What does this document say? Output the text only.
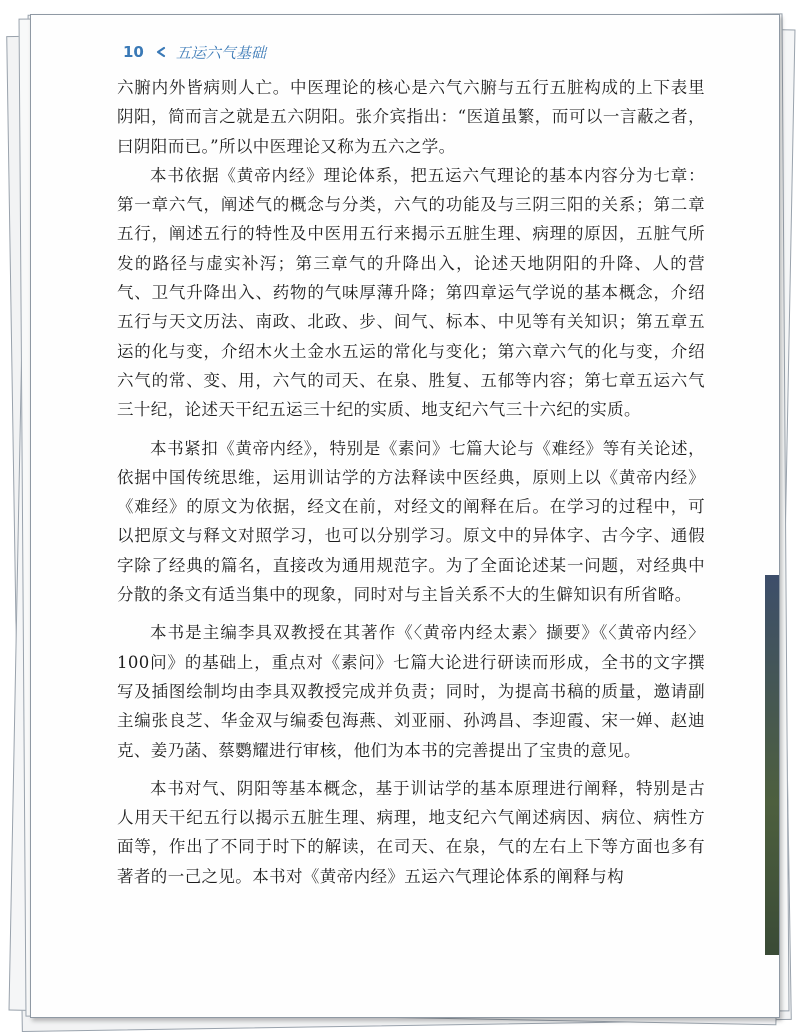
10 五运六气基础

六腑内外皆病则人亡。中医理论的核心是六气六腑与五行五脏构成的上下表里阴阳，简而言之就是五六阴阳。张介宾指出：“医道虽繁，而可以一言蔽之者，曰阴阳而已。”所以中医理论又称为五六之学。

本书依据《黄帝内经》理论体系，把五运六气理论的基本内容分为七章：第一章六气，阐述气的概念与分类，六气的功能及与三阴三阳的关系；第二章五行，阐述五行的特性及中医用五行来揭示五脏生理、病理的原因，五脏气所发的路径与虚实补泻；第三章气的升降出入，论述天地阴阳的升降、人的营气、卫气升降出入、药物的气味厚薄升降；第四章运气学说的基本概念，介绍五行与天文历法、南政、北政、步、间气、标本、中见等有关知识；第五章五运的化与变，介绍木火土金水五运的常化与变化；第六章六气的化与变，介绍六气的常、变、用，六气的司天、在泉、胜复、五郁等内容；第七章五运六气三十纪，论述天干纪五运三十纪的实质、地支纪六气三十六纪的实质。

本书紧扣《黄帝内经》，特别是《素问》七篇大论与《难经》等有关论述，依据中国传统思维，运用训诂学的方法释读中医经典，原则上以《黄帝内经》《难经》的原文为依据，经文在前，对经文的阐释在后。在学习的过程中，可以把原文与释文对照学习，也可以分别学习。原文中的异体字、古今字、通假字除了经典的篇名，直接改为通用规范字。为了全面论述某一问题，对经典中分散的条文有适当集中的现象，同时对与主旨关系不大的生僻知识有所省略。

本书是主编李具双教授在其著作《〈黄帝内经太素〉撷要》《〈黄帝内经〉100问》的基础上，重点对《素问》七篇大论进行研读而形成，全书的文字撰写及插图绘制均由李具双教授完成并负责；同时，为提高书稿的质量，邀请副主编张良芝、华金双与编委包海燕、刘亚丽、孙鸿昌、李迎霞、宋一婵、赵迪克、姜乃菡、蔡鹦耀进行审核，他们为本书的完善提出了宝贵的意见。

本书对气、阴阳等基本概念，基于训诂学的基本原理进行阐释，特别是古人用天干纪五行以揭示五脏生理、病理，地支纪六气阐述病因、病位、病性方面等，作出了不同于时下的解读，在司天、在泉，气的左右上下等方面也多有著者的一己之见。本书对《黄帝内经》五运六气理论体系的阐释与构
